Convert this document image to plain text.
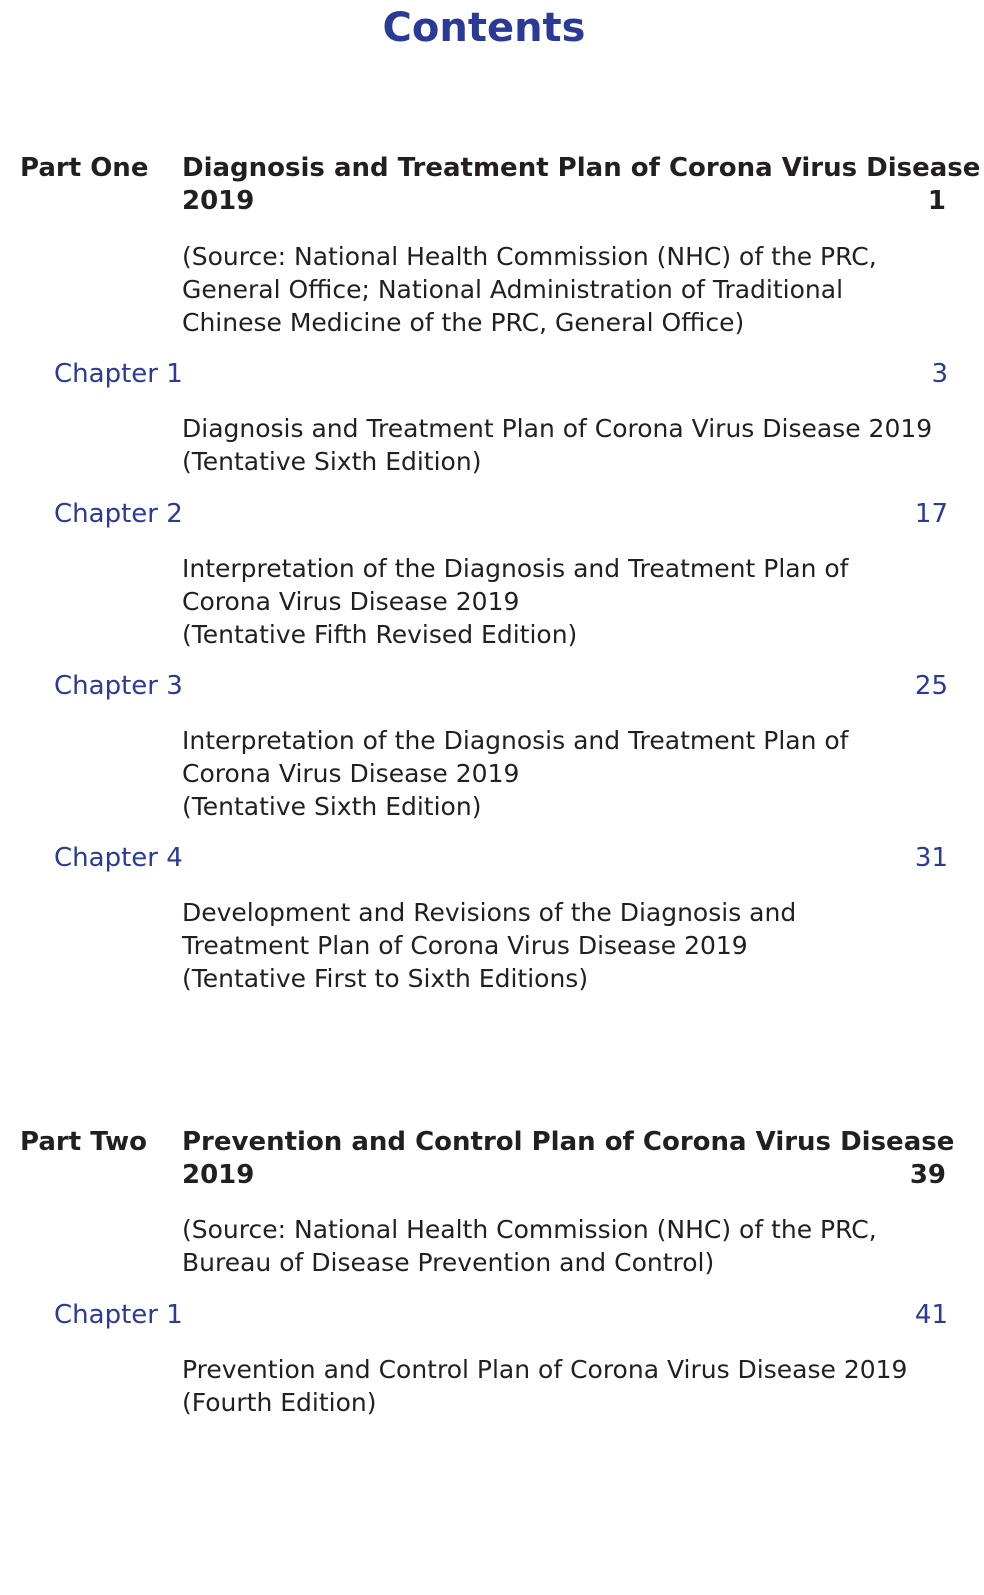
Contents
Part One Diagnosis and Treatment Plan of Corona Virus Disease
2019	1
(Source: National Health Commission (NHC) of the PRC,
General Office; National Administration of Traditional
Chinese Medicine of the PRC, General Office)
Chapter 1	3
Diagnosis and Treatment Plan of Corona Virus Disease 2019
(Tentative Sixth Edition)
Chapter 2	17
Interpretation of the Diagnosis and Treatment Plan of
Corona Virus Disease 2019
(Tentative Fifth Revised Edition)
Chapter 3	25
Interpretation of the Diagnosis and Treatment Plan of
Corona Virus Disease 2019
(Tentative Sixth Edition)
Chapter 4	31
Development and Revisions of the Diagnosis and
Treatment Plan of Corona Virus Disease 2019
(Tentative First to Sixth Editions)
Part Two Prevention and Control Plan of Corona Virus Disease
2019	39
(Source: National Health Commission (NHC) of the PRC,
Bureau of Disease Prevention and Control)
Chapter 1	41
Prevention and Control Plan of Corona Virus Disease 2019
(Fourth Edition)
